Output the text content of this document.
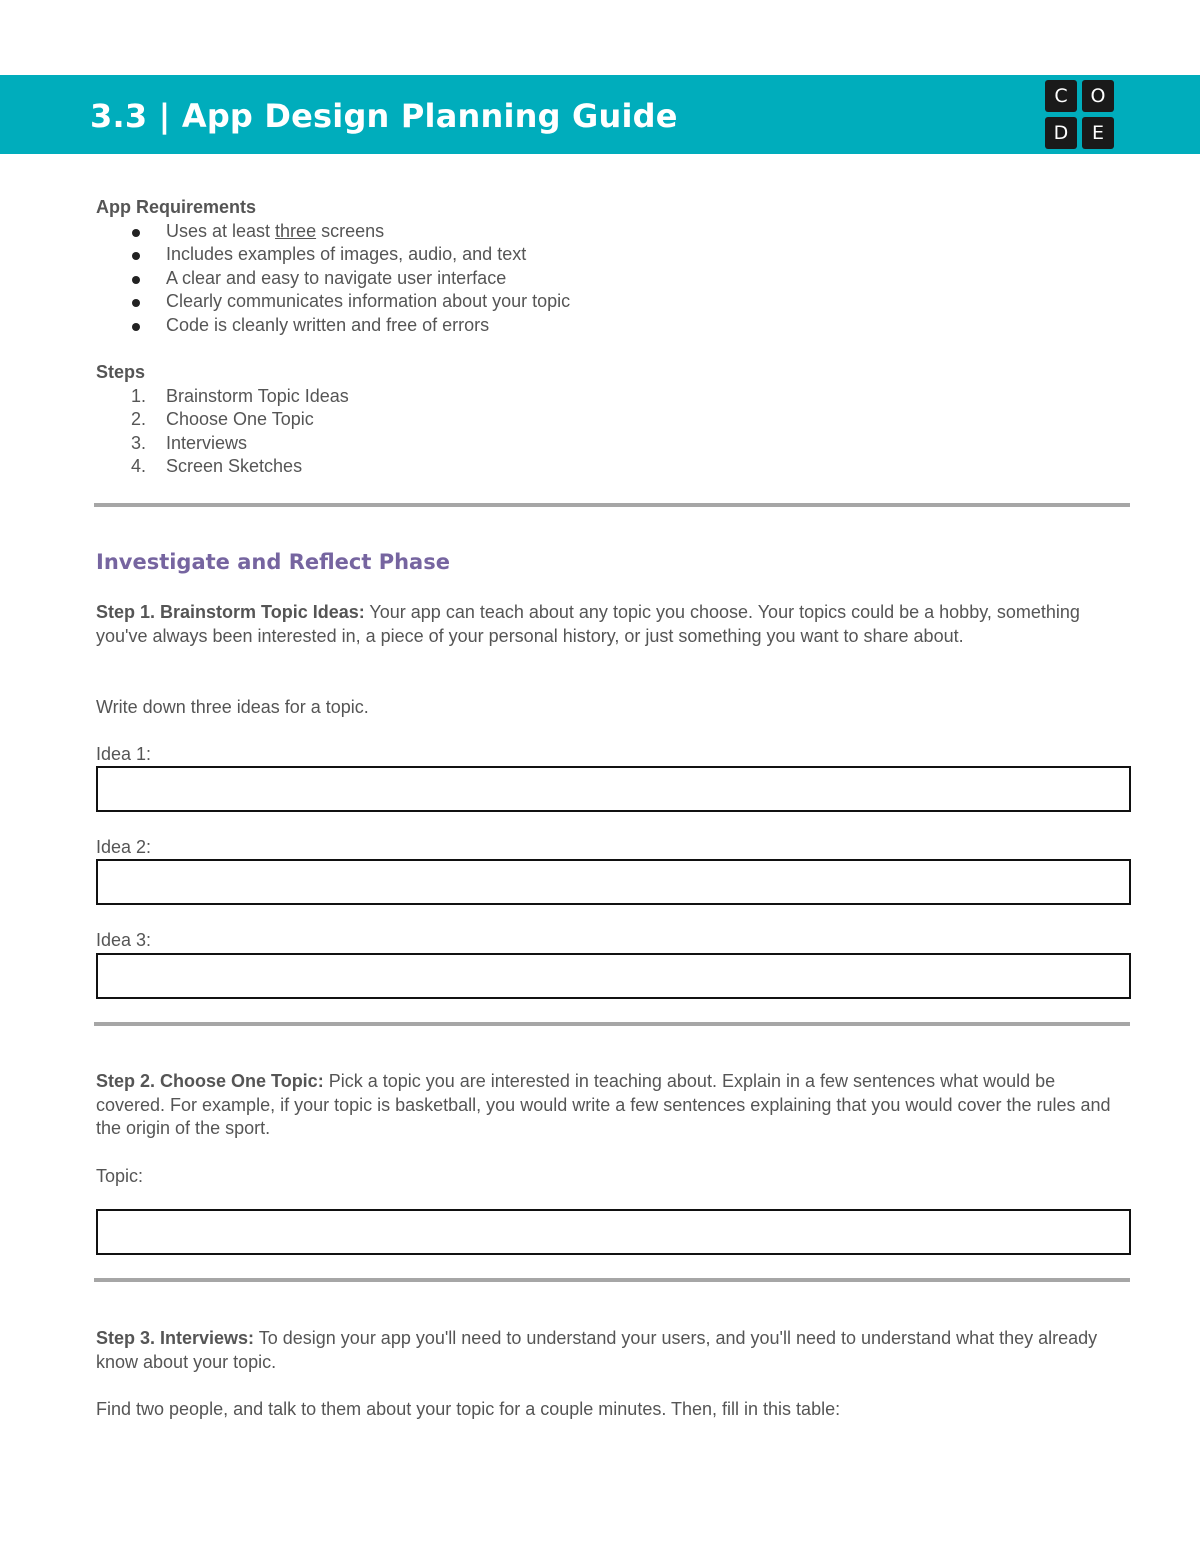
3.3 | App Design Planning Guide
C	O
D	E

App Requirements

Uses at least three screens
Includes examples of images, audio, and text
A clear and easy to navigate user interface
Clearly communicates information about your topic
Code is cleanly written and free of errors

Steps

1. Brainstorm Topic Ideas
2. Choose One Topic
3. Interviews
4. Screen Sketches
Investigate and Reflect Phase

Step 1. Brainstorm Topic Ideas: Your app can teach about any topic you choose. Your topics could be a hobby, something you've always been interested in, a piece of your personal history, or just something you want to share about.

Write down three ideas for a topic.

Idea 1:

Idea 2:

Idea 3:

Step 2. Choose One Topic: Pick a topic you are interested in teaching about. Explain in a few sentences what would be covered. For example, if your topic is basketball, you would write a few sentences explaining that you would cover the rules and the origin of the sport.

Topic:

Step 3. Interviews: To design your app you'll need to understand your users, and you'll need to understand what they already know about your topic.

Find two people, and talk to them about your topic for a couple minutes. Then, fill in this table:
